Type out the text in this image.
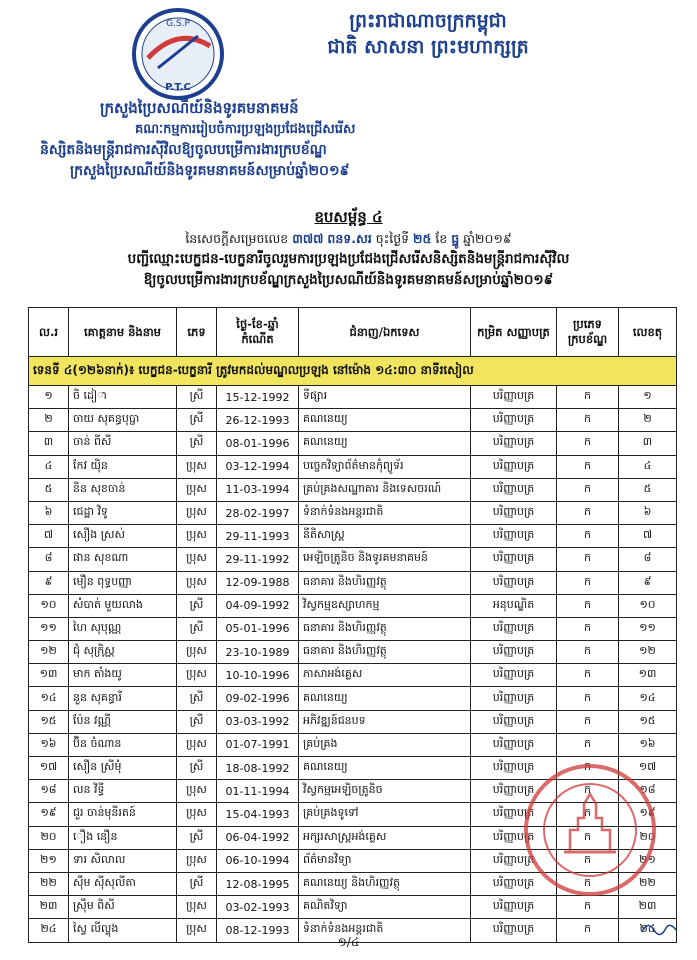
G.S.P
P.T.C
ព្រះរាជាណាចក្រកម្ពុជា
ជាតិ សាសនា ព្រះមហាក្សត្រ
ក្រសួងប្រៃសណីយ៍និងទូរគមនាគមន៍
គណៈកម្មការរៀបចំការប្រឡងប្រជែងជ្រើសរើស
និស្សិតនិងមន្ត្រីរាជការស៊ីវិលឱ្យចូលបម្រើការងារក្របខ័ណ្ឌ
ក្រសួងប្រៃសណីយ៍និងទូរគមនាគមន៍សម្រាប់ឆ្នាំ២០១៩
ឧបសម្ព័ន្ធ ៤
នៃសេចក្ដីសម្រេចលេខ ៣៧៧ ពនទ.សរ ចុះថ្ងៃទី ២៥ ខែ ធ្នូ ឆ្នាំ២០១៩
បញ្ជីឈ្មោះបេក្ខជន-បេក្ខនារីចូលរួមការប្រឡងប្រជែងជ្រើសរើសនិស្សិតនិងមន្ត្រីរាជការស៊ីវិល
ឱ្យចូលបម្រើការងារក្របខ័ណ្ឌក្រសួងប្រៃសណីយ៍និងទូរគមនាគមន៍សម្រាប់ឆ្នាំ២០១៩
ល.រ	គោត្តនាម និងនាម	ភេទ	ថ្ងៃ-ខែ-ឆ្នាំ កំណើត	ជំនាញ/ឯកទេស	កម្រិត សញ្ញាបត្រ	ប្រភេទ ក្របខ័ណ្ឌ	លេខតុ
ទេនទី ៤(១២៦នាក់)៖ បេក្ខជន-បេក្ខនារី ត្រូវមកដល់មណ្ឌលប្រឡង នៅម៉ោង ១៤:៣០ នាទីរសៀល							
១	ចិ ដៀា	ស្រី	15-12-1992	ទីផ្សារ	បរិញ្ញាបត្រ	ក	១
២	ចាយ សុគន្ធបុប្ផា	ស្រី	26-12-1993	គណនេយ្យ	បរិញ្ញាបត្រ	ក	២
៣	ចាន់ ពីសី	ស្រី	08-01-1996	គណនេយ្យ	បរិញ្ញាបត្រ	ក	៣
៤	កែវ យ៉ិន	ប្រុស	03-12-1994	បច្ចេកវិទ្យាព័ត៌មានកុំព្យូទ័រ	បរិញ្ញាបត្រ	ក	៤
៥	និន សុខចាន់	ប្រុស	11-03-1994	គ្រប់គ្រងសណ្ឋាគារ និងទេសចរណ៍	បរិញ្ញាបត្រ	ក	៥
៦	ជេដ្ឋា វិទូ	ប្រុស	28-02-1997	ទំនាក់ទំនងអន្តរជាតិ	បរិញ្ញាបត្រ	ក	៦
៧	សឿង ស្រស់	ប្រុស	29-11-1993	នីតិសាស្ត្រ	បរិញ្ញាបត្រ	ក	៧
៨	ផាន សុខណា	ប្រុស	29-11-1992	អេឡិចត្រូនិច និងទូរគមនាគមន៍	បរិញ្ញាបត្រ	ក	៨
៩	មឿន ពុទ្ធបញ្ញា	ប្រុស	12-09-1988	ធនាគារ និងហិរញ្ញវត្ថុ	បរិញ្ញាបត្រ	ក	៩
១០	សំបាត់ មួយលាង	ស្រី	04-09-1992	វិស្វកម្មឧស្សាហកម្ម	អនុបណ្ឌិត	ក	១០
១១	ហៃ សុបុណ្ណ	ស្រី	05-01-1996	ធនាគារ និងហិរញ្ញវត្ថុ	បរិញ្ញាបត្រ	ក	១១
១២	ជុំ សុក្រិស្ណ	ប្រុស	23-10-1989	ធនាគារ និងហិរញ្ញវត្ថុ	បរិញ្ញាបត្រ	ក	១២
១៣	មាក តាំងយូ	ប្រុស	10-10-1996	ភាសាអង់គ្លេស	បរិញ្ញាបត្រ	ក	១៣
១៤	នួន សុគន្ធារី	ស្រី	09-02-1996	គណនេយ្យ	បរិញ្ញាបត្រ	ក	១៤
១៥	ប៉ែន វណ្ណី	ស្រី	03-03-1992	អភិវឌ្ឍន៍ជនបទ	បរិញ្ញាបត្រ	ក	១៥
១៦	ប៊ិន ចំណាន	ប្រុស	01-07-1991	គ្រប់គ្រង	បរិញ្ញាបត្រ	ក	១៦
១៧	សឿន ស្រីមុំ	ស្រី	18-08-1992	គណនេយ្យ	បរិញ្ញាបត្រ	ក	១៧
១៨	លន វិទ្ធី	ប្រុស	01-11-1994	វិស្វកម្មអេឡិចត្រូនិច	បរិញ្ញាបត្រ	ក	១៨
១៩	ជួរ ចាន់មុនីរតន៍	ប្រុស	15-04-1993	គ្រប់គ្រងទូទៅ	បរិញ្ញាបត្រ	ក	១៩
២០	ឿង នឿន	ស្រី	06-04-1992	អក្សរសាស្ត្រអង់គ្លេស	បរិញ្ញាបត្រ	ក	២០
២១	ទារ សិលាល	ប្រុស	06-10-1994	ព័ត៌មានវិទ្យា	បរិញ្ញាបត្រ	ក	២១
២២	ស៊ឹម ស៊ីសុលីតា	ស្រី	12-08-1995	គណនេយ្យ និងហិរញ្ញវត្ថុ	បរិញ្ញាបត្រ	ក	២២
២៣	ស្រ៊ឹម ពិសី	ប្រុស	03-02-1993	គណិតវិទ្យា	បរិញ្ញាបត្រ	ក	២៣
២៤	ស្វៃ លីល្ហុង	ប្រុស	08-12-1993	ទំនាក់ទំនងអន្តរជាតិ	បរិញ្ញាបត្រ	ក	២៤
១/៤
